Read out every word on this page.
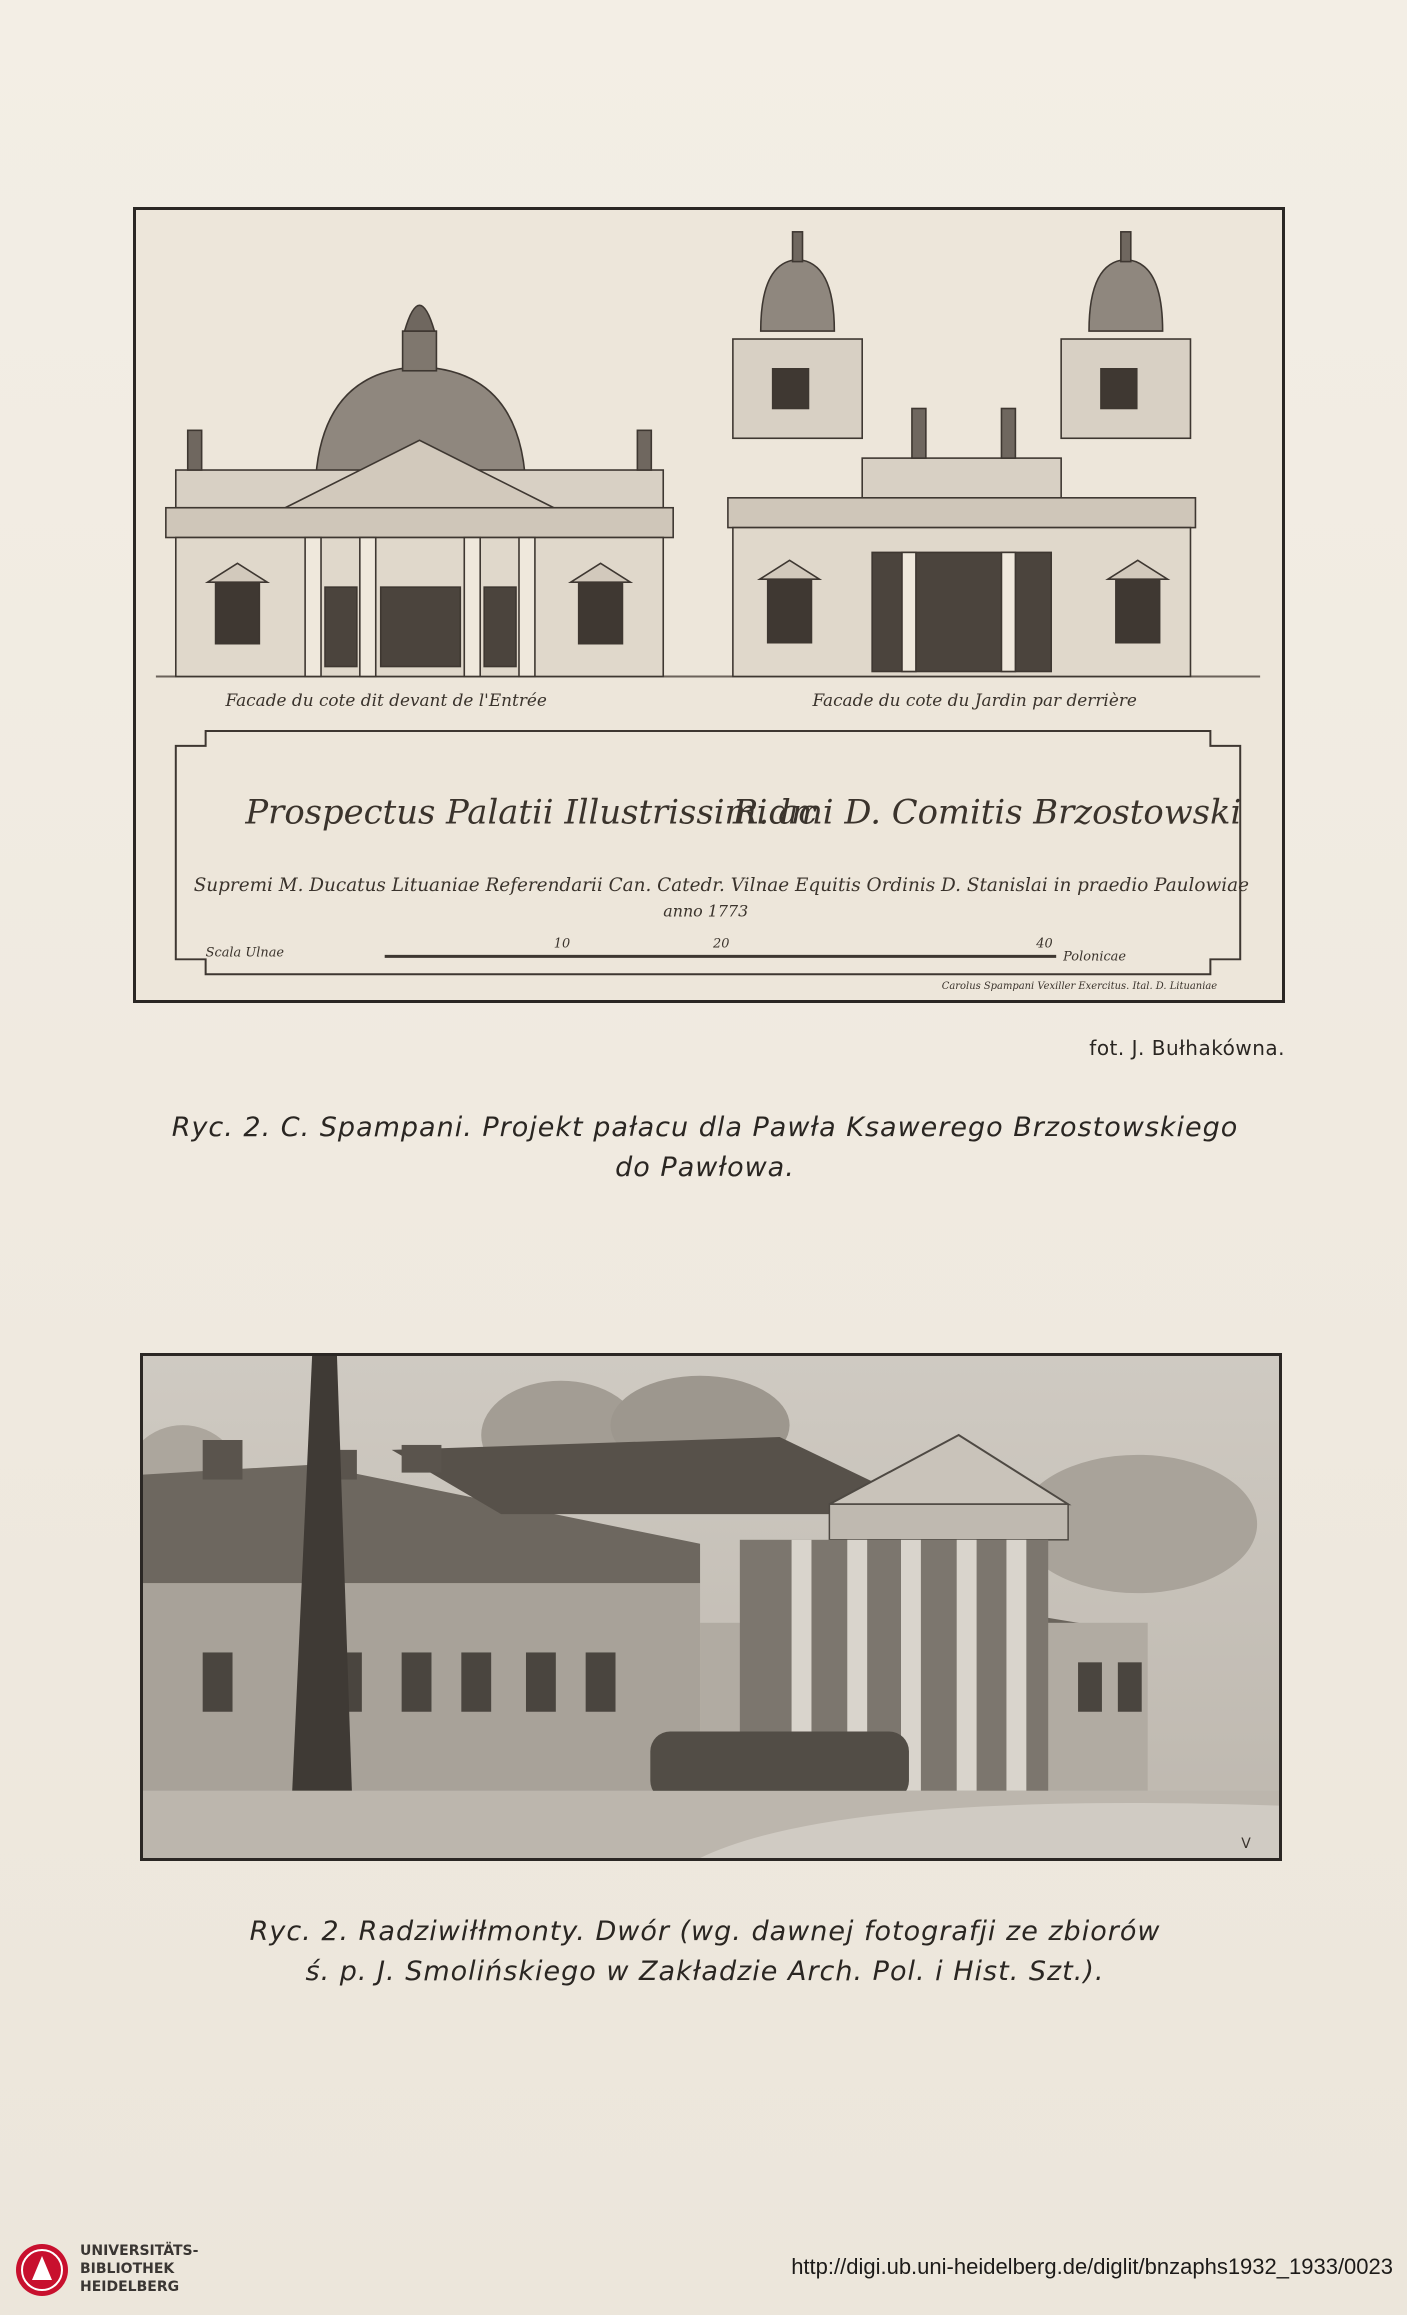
Facade du cote dit devant de l'Entrée	Facade du cote du Jardin par derrière
Prospectus Palatii Illustrissimi ac
R.dmi D. Comitis Brzostowski
Supremi M. Ducatus Lituaniae Referendarii Can. Catedr. Vilnae Equitis Ordinis D. Stanislai in praedio Paulowiae
anno 1773
Scala Ulnae
10	20	40
Polonicae
Carolus Spampani Vexiller Exercitus. Ital. D. Lituaniae
fot. J. Bułhakówna.
Ryc. 2. C. Spampani. Projekt pałacu dla Pawła Ksawerego Brzostowskiego
do Pawłowa.
V
Ryc. 2. Radziwiłłmonty. Dwór (wg. dawnej fotografji ze zbiorów
ś. p. J. Smolińskiego w Zakładzie Arch. Pol. i Hist. Szt.).
UNIVERSITÄTS-
BIBLIOTHEK
HEIDELBERG
http://digi.ub.uni-heidelberg.de/diglit/bnzaphs1932_1933/0023
